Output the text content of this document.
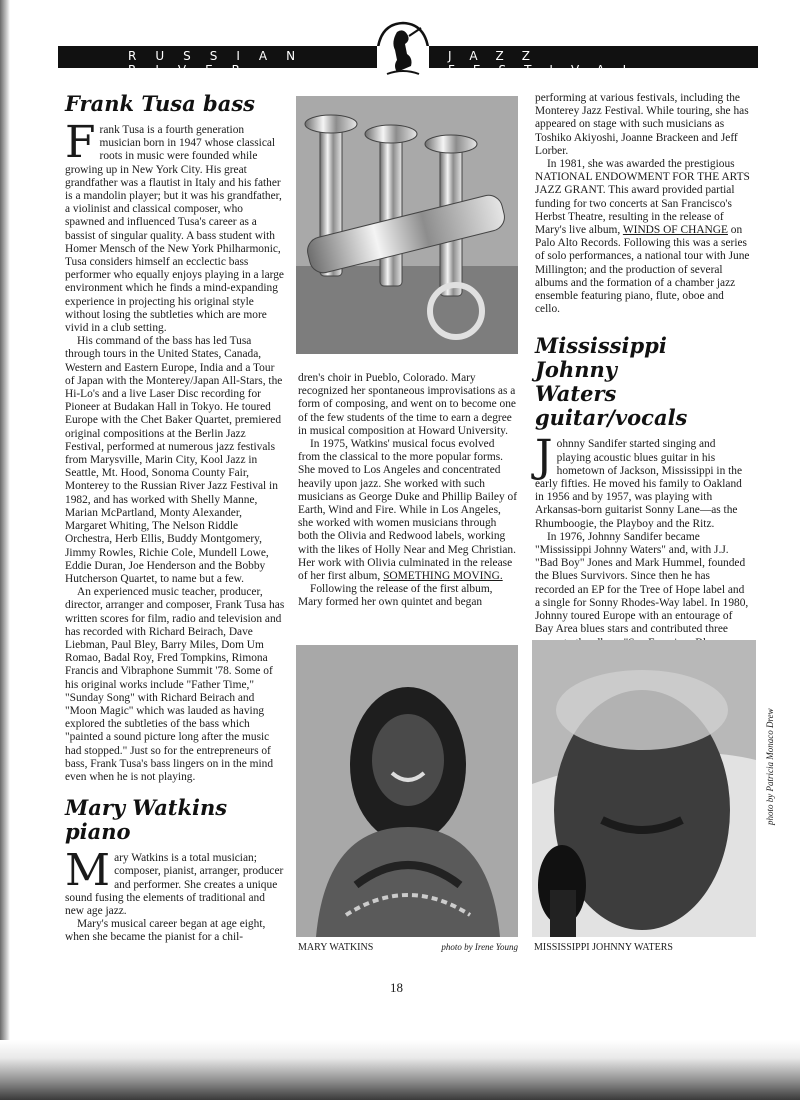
RUSSIAN RIVER
JAZZ FESTIVAL
Frank Tusa bass
F rank Tusa is a fourth generation musician born in 1947 whose classical roots in music were founded while growing up in New York City. His great grandfather was a flautist in Italy and his father is a mandolin player; but it was his grandfather, a violinist and classical composer, who spawned and influenced Tusa's career as a bassist of singular quality. A bass student with Homer Mensch of the New York Philharmonic, Tusa considers himself an ecclectic bass performer who equally enjoys playing in a large environment which he finds a mind-expanding experience in projecting his original style without losing the subtleties which are more vivid in a club setting.

His command of the bass has led Tusa through tours in the United States, Canada, Western and Eastern Europe, India and a Tour of Japan with the Monterey/Japan All-Stars, the Hi-Lo's and a live Laser Disc recording for Pioneer at Budakan Hall in Tokyo. He toured Europe with the Chet Baker Quartet, premiered original compositions at the Berlin Jazz Festival, performed at numerous jazz festivals from Marysville, Marin City, Kool Jazz in Seattle, Mt. Hood, Sonoma County Fair, Monterey to the Russian River Jazz Festival in 1982, and has worked with Shelly Manne, Marian McPartland, Monty Alexander, Margaret Whiting, The Nelson Riddle Orchestra, Herb Ellis, Buddy Montgomery, Jimmy Rowles, Richie Cole, Mundell Lowe, Eddie Duran, Joe Henderson and the Bobby Hutcherson Quartet, to name but a few.

An experienced music teacher, producer, director, arranger and composer, Frank Tusa has written scores for film, radio and television and has recorded with Richard Beirach, Dave Liebman, Paul Bley, Barry Miles, Dom Um Romao, Badal Roy, Fred Tompkins, Rimona Francis and Vibraphone Summit '78. Some of his original works include "Father Time," "Sunday Song" with Richard Beirach and "Moon Magic" which was lauded as having explored the subtleties of the bass which "painted a sound picture long after the music had stopped." Just so for the entrepreneurs of bass, Frank Tusa's bass lingers on in the mind even when he is not playing.

Mary Watkins piano
M ary Watkins is a total musician; composer, pianist, arranger, producer and performer. She creates a unique sound fusing the elements of traditional and new age jazz.

Mary's musical career began at age eight, when she became the pianist for a chil-

dren's choir in Pueblo, Colorado. Mary recognized her spontaneous improvisations as a form of composing, and went on to become one of the few students of the time to earn a degree in musical composition at Howard University.

In 1975, Watkins' musical focus evolved from the classical to the more popular forms. She moved to Los Angeles and concentrated heavily upon jazz. She worked with such musicians as George Duke and Phillip Bailey of Earth, Wind and Fire. While in Los Angeles, she worked with women musicians through both the Olivia and Redwood labels, working with the likes of Holly Near and Meg Christian. Her work with Olivia culminated in the release of her first album, SOMETHING MOVING.

Following the release of the first album, Mary formed her own quintet and began

MARY WATKINS	photo by Irene Young

performing at various festivals, including the Monterey Jazz Festival. While touring, she has appeared on stage with such musicians as Toshiko Akiyoshi, Joanne Brackeen and Jeff Lorber.

In 1981, she was awarded the prestigious NATIONAL ENDOWMENT FOR THE ARTS JAZZ GRANT. This award provided partial funding for two concerts at San Francisco's Herbst Theatre, resulting in the release of Mary's live album, WINDS OF CHANGE on Palo Alto Records. Following this was a series of solo performances, a national tour with June Millington; and the production of several albums and the formation of a chamber jazz ensemble featuring piano, flute, oboe and cello.

Mississippi Johnny
Waters guitar/vocals
J ohnny Sandifer started singing and playing acoustic blues guitar in his hometown of Jackson, Mississippi in the early fifties. He moved his family to Oakland in 1956 and by 1957, was playing with Arkansas-born guitarist Sonny Lane—as the Rhumboogie, the Playboy and the Ritz.

In 1976, Johnny Sandifer became "Mississippi Johnny Waters" and, with J.J. "Bad Boy" Jones and Mark Hummel, founded the Blues Survivors. Since then he has recorded an EP for the Tree of Hope label and a single for Sonny Rhodes-Way label. In 1980, Johnny toured Europe with an entourage of Bay Area blues stars and contributed three

MISSISSIPPI JOHNNY WATERS
photo by Patricia Monaco Drew
18
